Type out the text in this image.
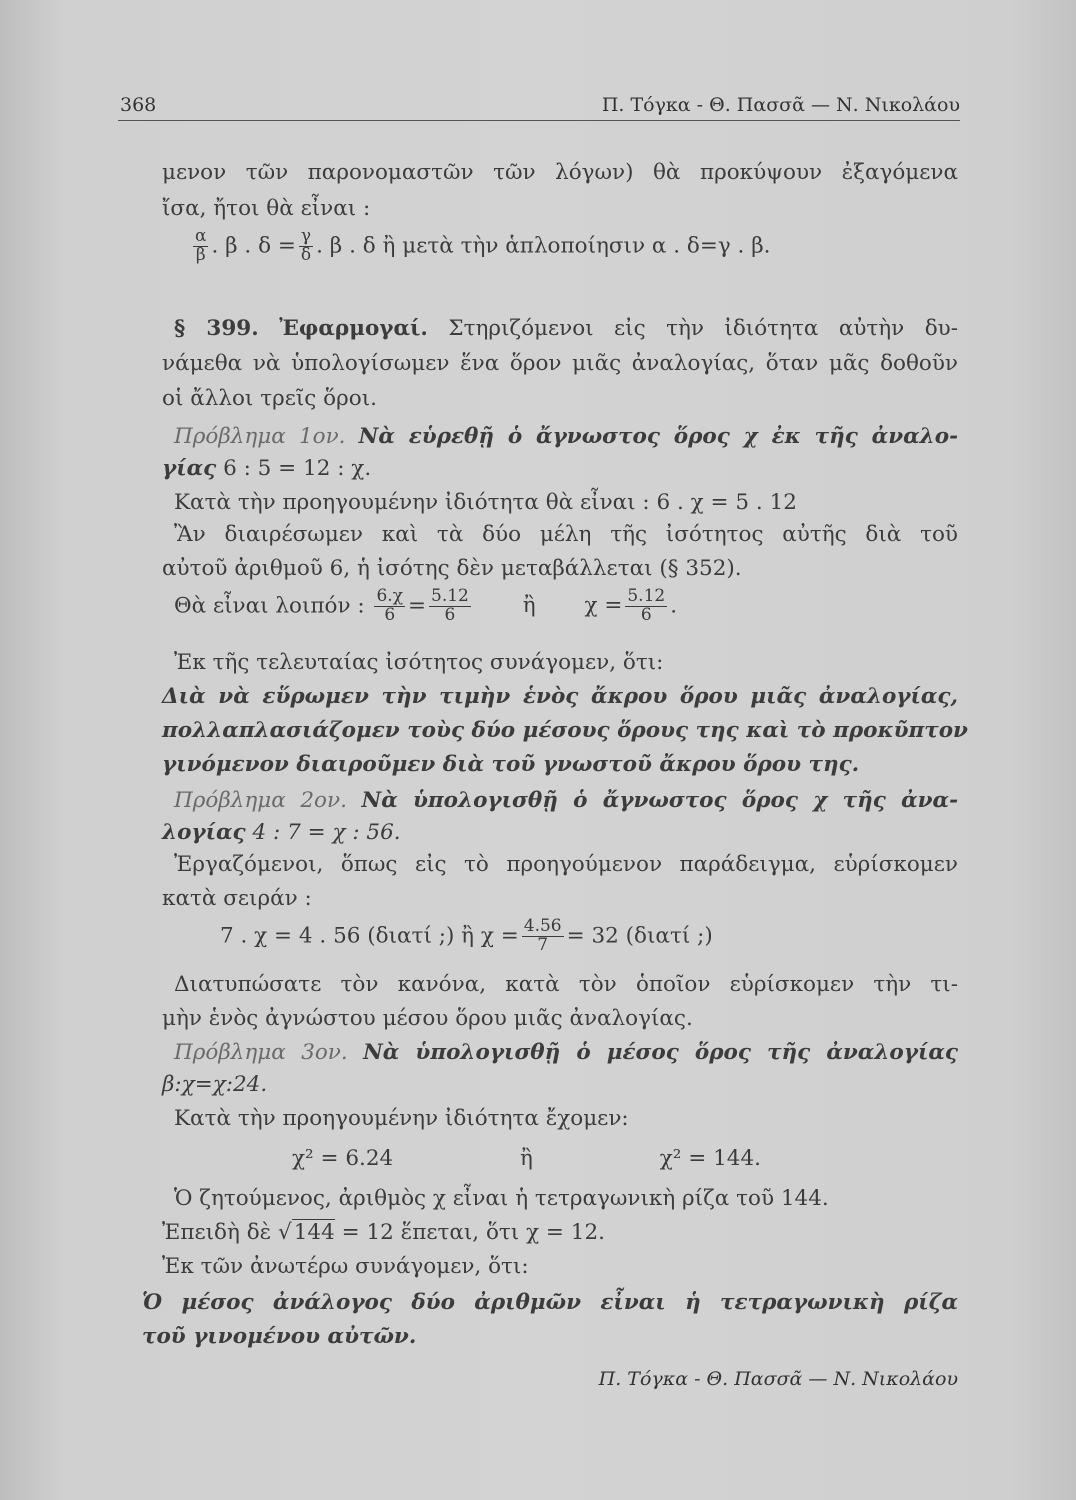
368	Π. Τόγκα - Θ. Πασσᾶ — Ν. Νικολάου
μενον τῶν παρονομαστῶν τῶν λόγων) θὰ προκύψουν ἐξαγόμενα
ἴσα, ἤτοι θὰ εἶναι :
$\frac{\alpha}{\beta}$ . β . $\delta = \frac{\gamma}{\delta}$ . β . δ ἢ μετὰ τὴν ἁπλοποίησιν α . δ=γ . β.
§ 399. Ἐφαρμογαί. Στηριζόμενοι εἰς τὴν ἰδιότητα αὐτὴν δυ-
νάμεθα νὰ ὑπολογίσωμεν ἕνα ὅρον μιᾶς ἀναλογίας, ὅταν μᾶς δοθοῦν
οἱ ἄλλοι τρεῖς ὅροι.
Πρόβλημα 1ον. Νὰ εὑρεθῇ ὁ ἄγνωστος ὅρος χ ἐκ τῆς ἀναλο-
γίας 6 : 5 = 12 : χ.
Κατὰ τὴν προηγουμένην ἰδιότητα θὰ εἶναι : 6 . χ = 5 . 12
Ἂν διαιρέσωμεν καὶ τὰ δύο μέλη τῆς ἰσότητος αὐτῆς διὰ τοῦ
αὐτοῦ ἀριθμοῦ 6, ἡ ἰσότης δὲν μεταβάλλεται (§ 352).
Θὰ εἶναι λοιπόν : $\frac{6.\chi}{6} = \frac{5.12}{6}$ ἢ $\chi = \frac{5.12}{6}$ .
Ἐκ τῆς τελευταίας ἰσότητος συνάγομεν, ὅτι:
Διὰ νὰ εὕρωμεν τὴν τιμὴν ἑνὸς ἄκρου ὅρου μιᾶς ἀναλογίας,
πολλαπλασιάζομεν τοὺς δύο μέσους ὅρους της καὶ τὸ προκῦπτον
γινόμενον διαιροῦμεν διὰ τοῦ γνωστοῦ ἄκρου ὅρου της.
Πρόβλημα 2ον. Νὰ ὑπολογισθῇ ὁ ἄγνωστος ὅρος χ τῆς ἀνα-
λογίας 4 : 7 = χ : 56.
Ἐργαζόμενοι, ὅπως εἰς τὸ προηγούμενον παράδειγμα, εὑρίσκομεν
κατὰ σειράν :
7 . χ = 4 . 56 (διατί ;) ἢ $\chi = \frac{4.56}{7} = 32$ (διατί ;)
Διατυπώσατε τὸν κανόνα, κατὰ τὸν ὁποῖον εὑρίσκομεν τὴν τι-
μὴν ἑνὸς ἀγνώστου μέσου ὅρου μιᾶς ἀναλογίας.
Πρόβλημα 3ον. Νὰ ὑπολογισθῇ ὁ μέσος ὅρος τῆς ἀναλογίας
β:χ=χ:24.
Κατὰ τὴν προηγουμένην ἰδιότητα ἔχομεν:
χ² = 6.24	ἢ	χ² = 144.
Ὁ ζητούμενος, ἀριθμὸς χ εἶναι ἡ τετραγωνικὴ ρίζα τοῦ 144.
Ἐπειδὴ δὲ √144 = 12 ἕπεται, ὅτι χ = 12.
Ἐκ τῶν ἀνωτέρω συνάγομεν, ὅτι:
Ὁ μέσος ἀνάλογος δύο ἀριθμῶν εἶναι ἡ τετραγωνικὴ ρίζα
τοῦ γινομένου αὐτῶν.
Π. Τόγκα - Θ. Πασσᾶ — Ν. Νικολάου
